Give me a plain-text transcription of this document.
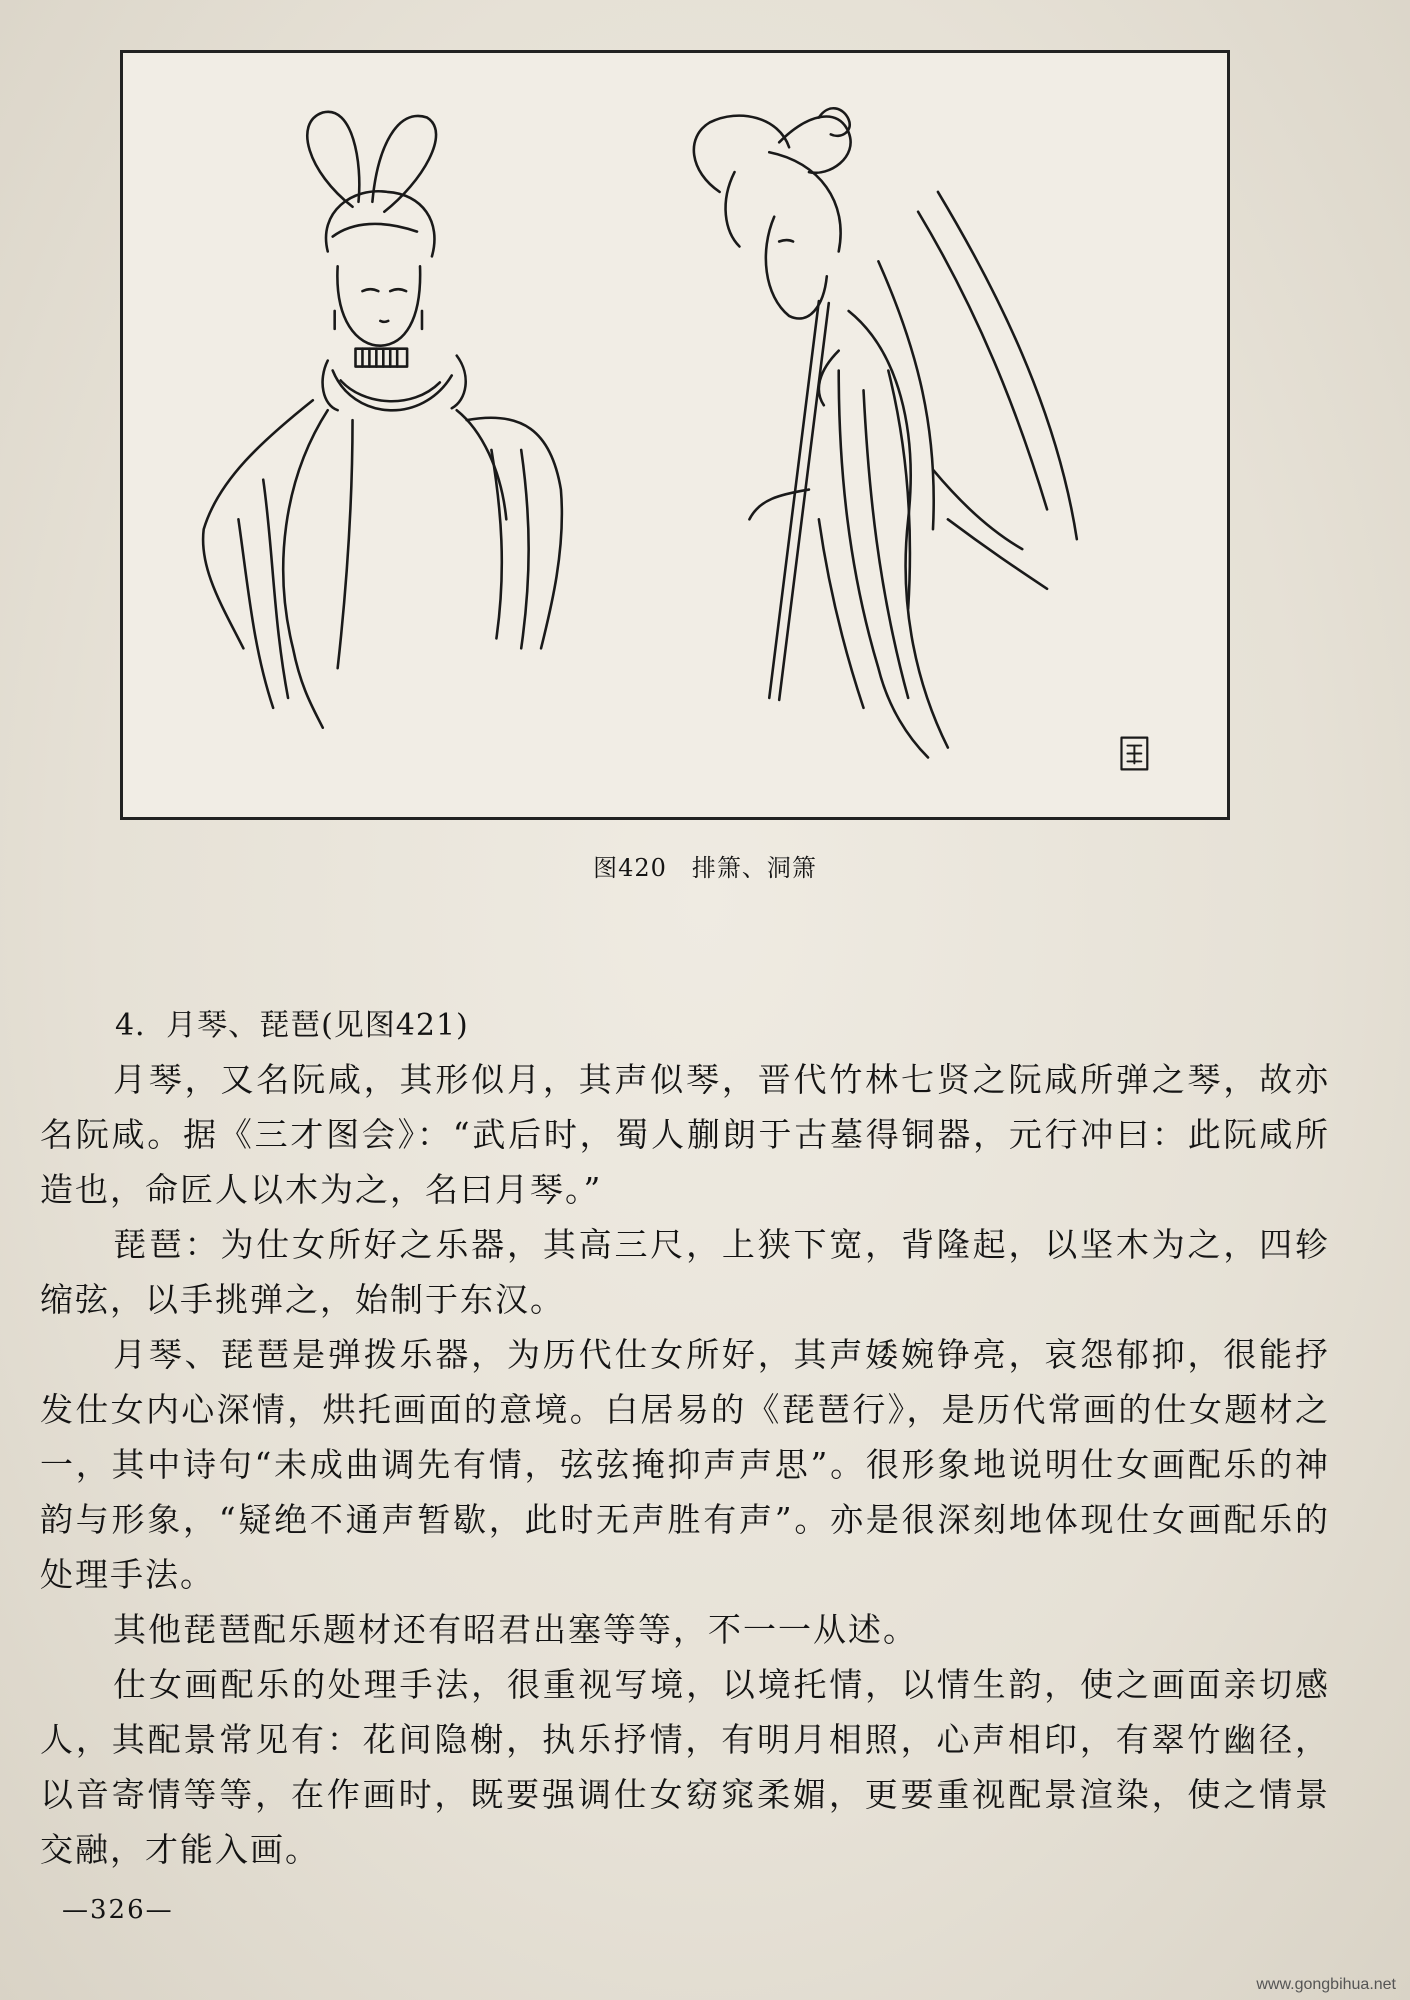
图420　排箫、洞箫
4．月琴、琵琶(见图421)

月琴，又名阮咸，其形似月，其声似琴，晋代竹林七贤之阮咸所弹之琴，故亦名阮咸。据《三才图会》：“武后时，蜀人蒯朗于古墓得铜器，元行冲曰：此阮咸所造也，命匠人以木为之，名曰月琴。”

琵琶：为仕女所好之乐器，其高三尺，上狭下宽，背隆起，以坚木为之，四轸缩弦，以手挑弹之，始制于东汉。

月琴、琵琶是弹拨乐器，为历代仕女所好，其声婑婉铮亮，哀怨郁抑，很能抒发仕女内心深情，烘托画面的意境。白居易的《琵琶行》，是历代常画的仕女题材之一，其中诗句“未成曲调先有情，弦弦掩抑声声思”。很形象地说明仕女画配乐的神韵与形象，“疑绝不通声暂歇，此时无声胜有声”。亦是很深刻地体现仕女画配乐的处理手法。

其他琵琶配乐题材还有昭君出塞等等，不一一从述。

仕女画配乐的处理手法，很重视写境，以境托情，以情生韵，使之画面亲切感人，其配景常见有：花间隐榭，执乐抒情，有明月相照，心声相印，有翠竹幽径，以音寄情等等，在作画时，既要强调仕女窈窕柔媚，更要重视配景渲染，使之情景交融，才能入画。

—326—
www.gongbihua.net
